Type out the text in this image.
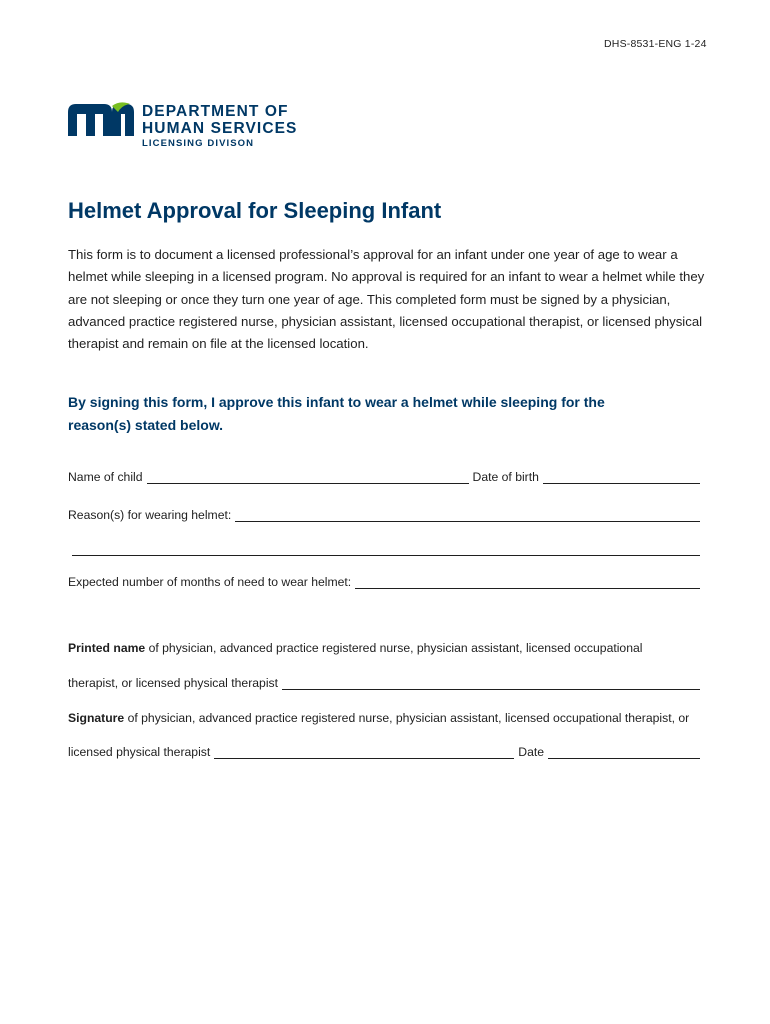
DHS-8531-ENG 1-24
DEPARTMENT OF
HUMAN SERVICES
LICENSING DIVISON
Helmet Approval for Sleeping Infant

This form is to document a licensed professional’s approval for an infant under one year of age to wear a helmet while sleeping in a licensed program. No approval is required for an infant to wear a helmet while they are not sleeping or once they turn one year of age. This completed form must be signed by a physician, advanced practice registered nurse, physician assistant, licensed occupational therapist, or licensed physical therapist and remain on file at the licensed location.

By signing this form, I approve this infant to wear a helmet while sleeping for the reason(s) stated below.

Name of child	Date of birth
Reason(s) for wearing helmet:
Expected number of months of need to wear helmet:
Printed name of physician, advanced practice registered nurse, physician assistant, licensed occupational
therapist, or licensed physical therapist
Signature of physician, advanced practice registered nurse, physician assistant, licensed occupational therapist, or
licensed physical therapist	Date
